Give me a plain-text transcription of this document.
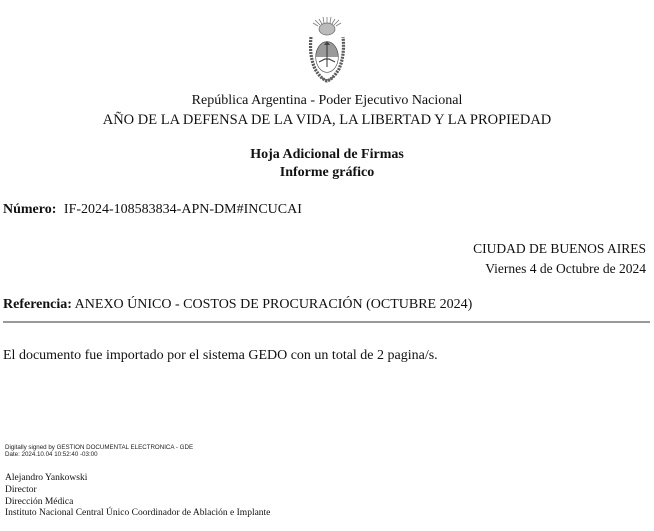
República Argentina - Poder Ejecutivo Nacional
AÑO DE LA DEFENSA DE LA VIDA, LA LIBERTAD Y LA PROPIEDAD
Hoja Adicional de Firmas
Informe gráfico
Número: IF-2024-108583834-APN-DM#INCUCAI
CIUDAD DE BUENOS AIRES
Viernes 4 de Octubre de 2024
Referencia: ANEXO ÚNICO - COSTOS DE PROCURACIÓN (OCTUBRE 2024)
El documento fue importado por el sistema GEDO con un total de 2 pagina/s.
Digitally signed by GESTION DOCUMENTAL ELECTRONICA - GDE
Date: 2024.10.04 10:52:40 -03:00
Alejandro Yankowski
Director
Dirección Médica
Instituto Nacional Central Único Coordinador de Ablación e Implante
